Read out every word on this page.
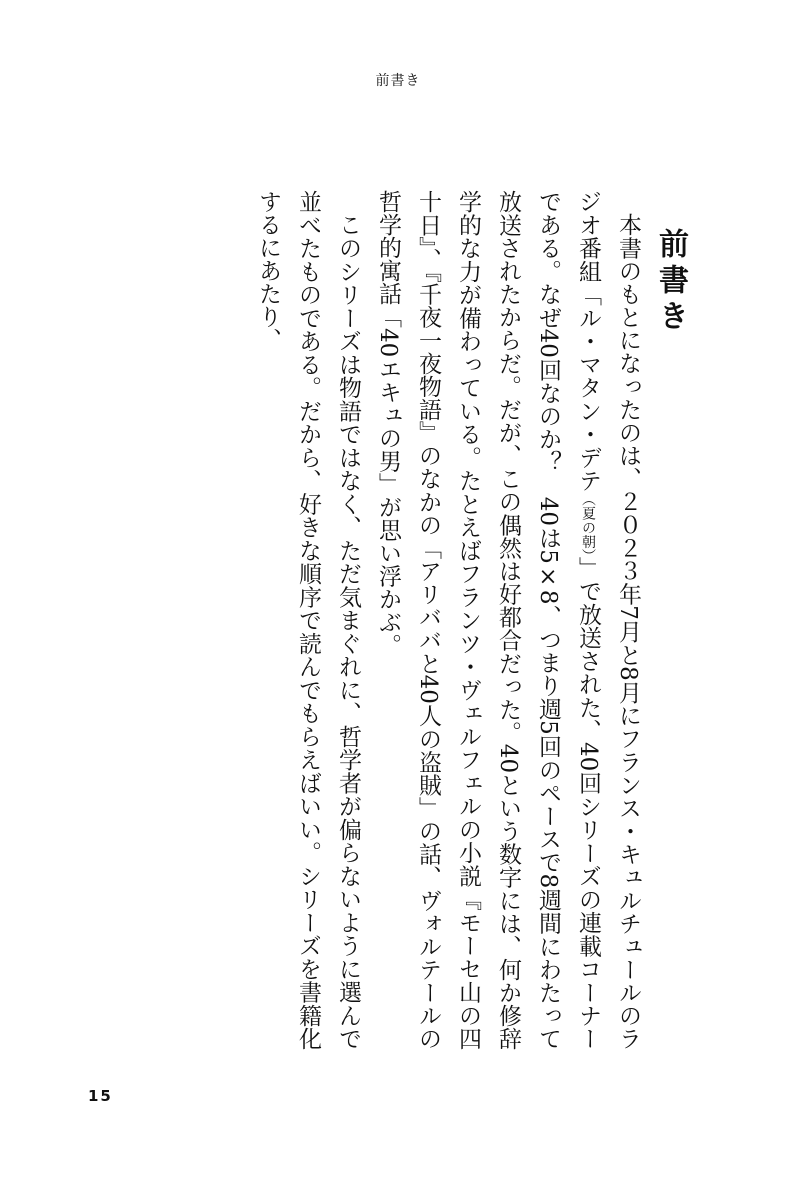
前書き
前書き

本書のもとになったのは、２０２３年7月と8月にフランス・キュルチュールのラジオ番組「ル・マタン・デテ（夏の朝）」で放送された、40回シリーズの連載コーナーである。なぜ40回なのか？　40は5×8、つまり週5回のペースで8週間にわたって放送されたからだ。だが、この偶然は好都合だった。40という数字には、何か修辞学的な力が備わっている。たとえばフランツ・ヴェルフェルの小説『モーセ山の四十日』、『千夜一夜物語』のなかの「アリババと40人の盗賊」の話、ヴォルテールの哲学的寓話「40エキュの男」が思い浮かぶ。

このシリーズは物語ではなく、ただ気まぐれに、哲学者が偏らないように選んで並べたものである。だから、好きな順序で読んでもらえばいい。シリーズを書籍化するにあたり、

15
